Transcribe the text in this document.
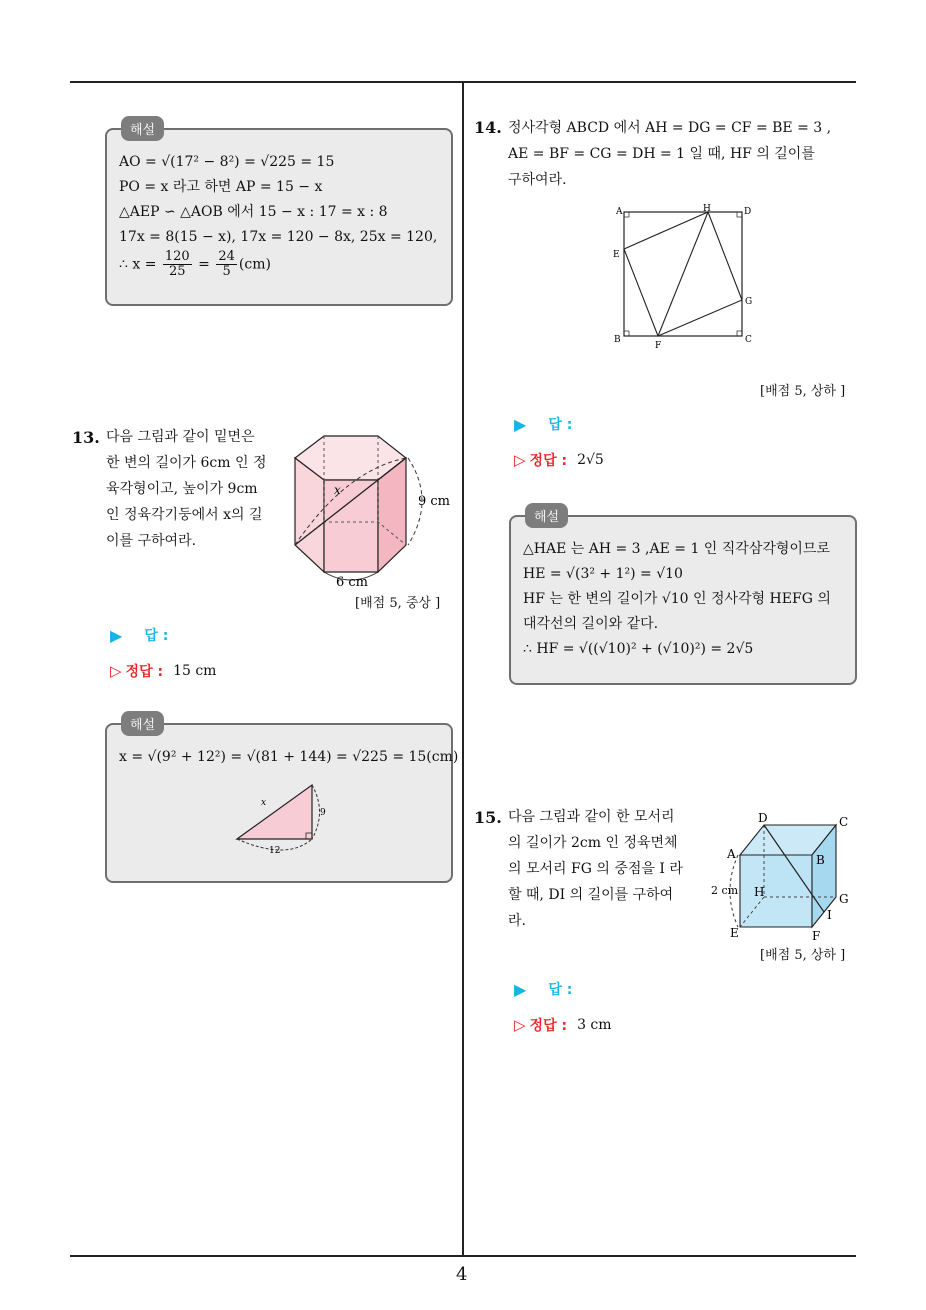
4
해설
AO = √(17² − 8²) = √225 = 15
PO = x 라고 하면 AP = 15 − x
△AEP ∽ △AOB 에서 15 − x : 17 = x : 8
17x = 8(15 − x), 17x = 120 − 8x, 25x = 120,
∴ $x = \frac{120}{25} = \frac{24}{5} (cm)$
13. 다음 그림과 같이 밑면은
한 변의 길이가 6cm 인 정
육각형이고, 높이가 9cm
인 정육각기둥에서 x의 길
이를 구하여라.
x
9 cm
6 cm
[배점 5, 중상 ]
▶ 답 :
▷ 정답 : 15 cm
해설
x = √(9² + 12²) = √(81 + 144) = √225 = 15(cm)
x
9
12
14. 정사각형 ABCD 에서 AH = DG = CF = BE = 3 ,
AE = BF = CG = DH = 1 일 때, HF 의 길이를
구하여라.
A	H	D
E
G
B
F
C
[배점 5, 상하 ]
▶ 답 :
▷ 정답 : 2√5
해설
△HAE 는 AH = 3 ,AE = 1 인 직각삼각형이므로
HE = √(3² + 1²) = √10
HF 는 한 변의 길이가 √10 인 정사각형 HEFG 의
대각선의 길이와 같다.
∴ HF = √((√10)² + (√10)²) = 2√5
15. 다음 그림과 같이 한 모서리
의 길이가 2cm 인 정육면체
의 모서리 FG 의 중점을 I 라
할 때, DI 의 길이를 구하여
라.
D	C
A	B
H
2 cm
G
I
E	F
[배점 5, 상하 ]
▶ 답 :
▷ 정답 : 3 cm
